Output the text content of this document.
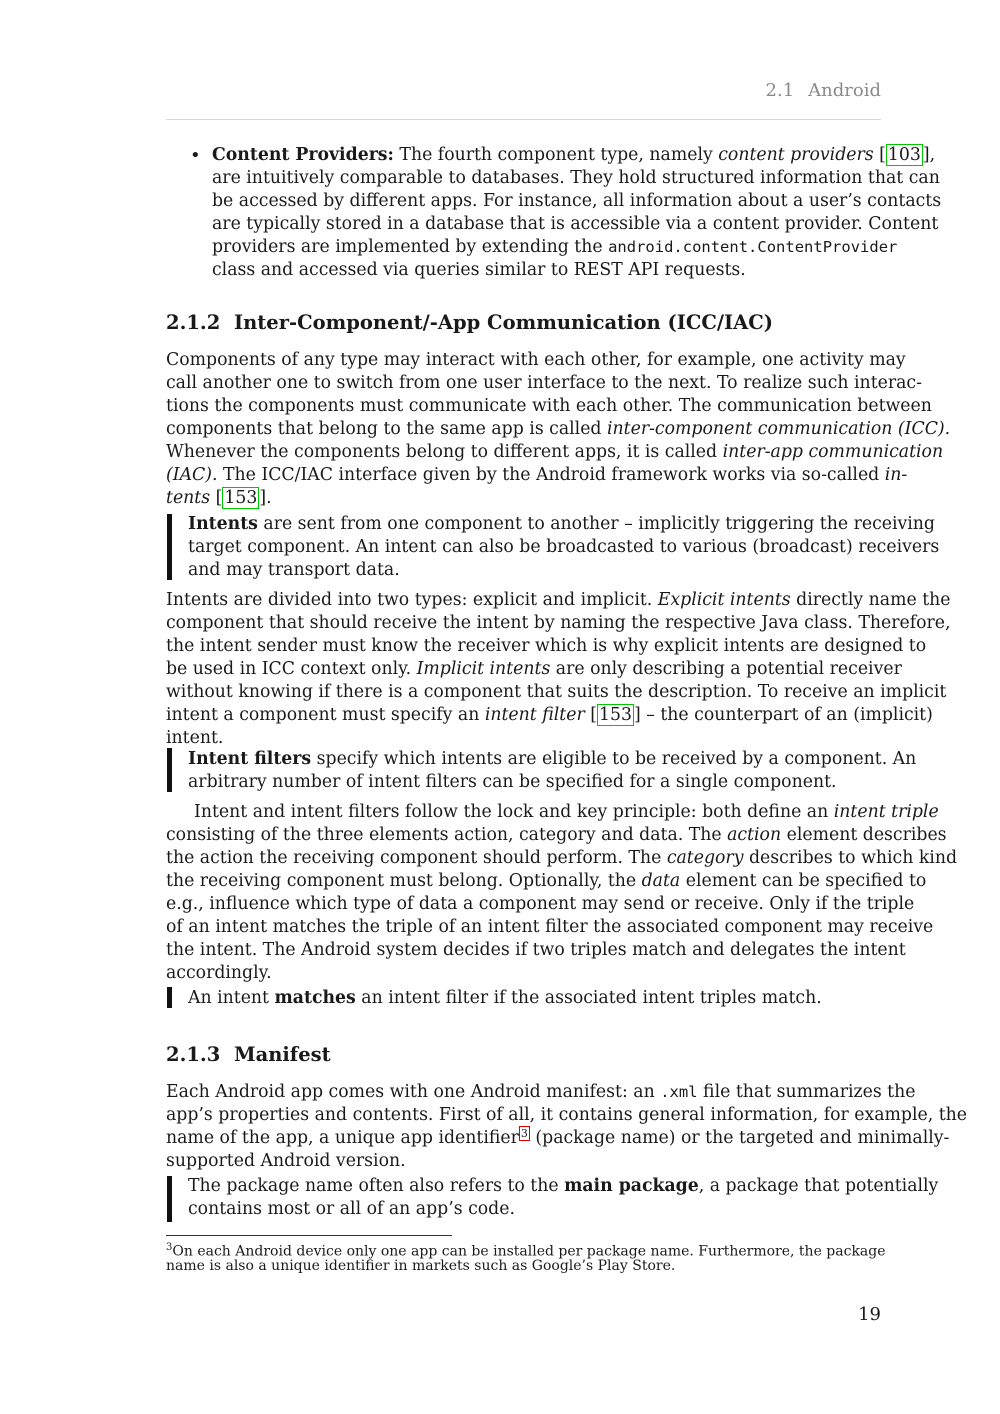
2.1 Android
• Content Providers: The fourth component type, namely content providers [ 103 ],
are intuitively comparable to databases. They hold structured information that can
be accessed by different apps. For instance, all information about a user’s contacts
are typically stored in a database that is accessible via a content provider. Content
providers are implemented by extending the android.content.ContentProvider
class and accessed via queries similar to REST API requests.
2.1.2 Inter-Component/-App Communication (ICC/IAC)
Components of any type may interact with each other, for example, one activity may
call another one to switch from one user interface to the next. To realize such interac-
tions the components must communicate with each other. The communication between
components that belong to the same app is called inter-component communication (ICC).
Whenever the components belong to different apps, it is called inter-app communication
(IAC). The ICC/IAC interface given by the Android framework works via so-called in-
tents [ 153 ].
Intents are sent from one component to another – implicitly triggering the receiving
target component. An intent can also be broadcasted to various (broadcast) receivers
and may transport data.
Intents are divided into two types: explicit and implicit. Explicit intents directly name the
component that should receive the intent by naming the respective Java class. Therefore,
the intent sender must know the receiver which is why explicit intents are designed to
be used in ICC context only. Implicit intents are only describing a potential receiver
without knowing if there is a component that suits the description. To receive an implicit
intent a component must specify an intent filter [ 153 ] – the counterpart of an (implicit)
intent.
Intent filters specify which intents are eligible to be received by a component. An
arbitrary number of intent filters can be specified for a single component.
Intent and intent filters follow the lock and key principle: both define an intent triple
consisting of the three elements action, category and data. The action element describes
the action the receiving component should perform. The category describes to which kind
the receiving component must belong. Optionally, the data element can be specified to
e.g., influence which type of data a component may send or receive. Only if the triple
of an intent matches the triple of an intent filter the associated component may receive
the intent. The Android system decides if two triples match and delegates the intent
accordingly.
An intent matches an intent filter if the associated intent triples match.
2.1.3 Manifest
Each Android app comes with one Android manifest: an .xml file that summarizes the
app’s properties and contents. First of all, it contains general information, for example, the
name of the app, a unique app identifier $^3$ (package name) or the targeted and minimally-
supported Android version.
The package name often also refers to the main package, a package that potentially
contains most or all of an app’s code.
$^3$On each Android device only one app can be installed per package name. Furthermore, the package
name is also a unique identifier in markets such as Google’s Play Store.
19
